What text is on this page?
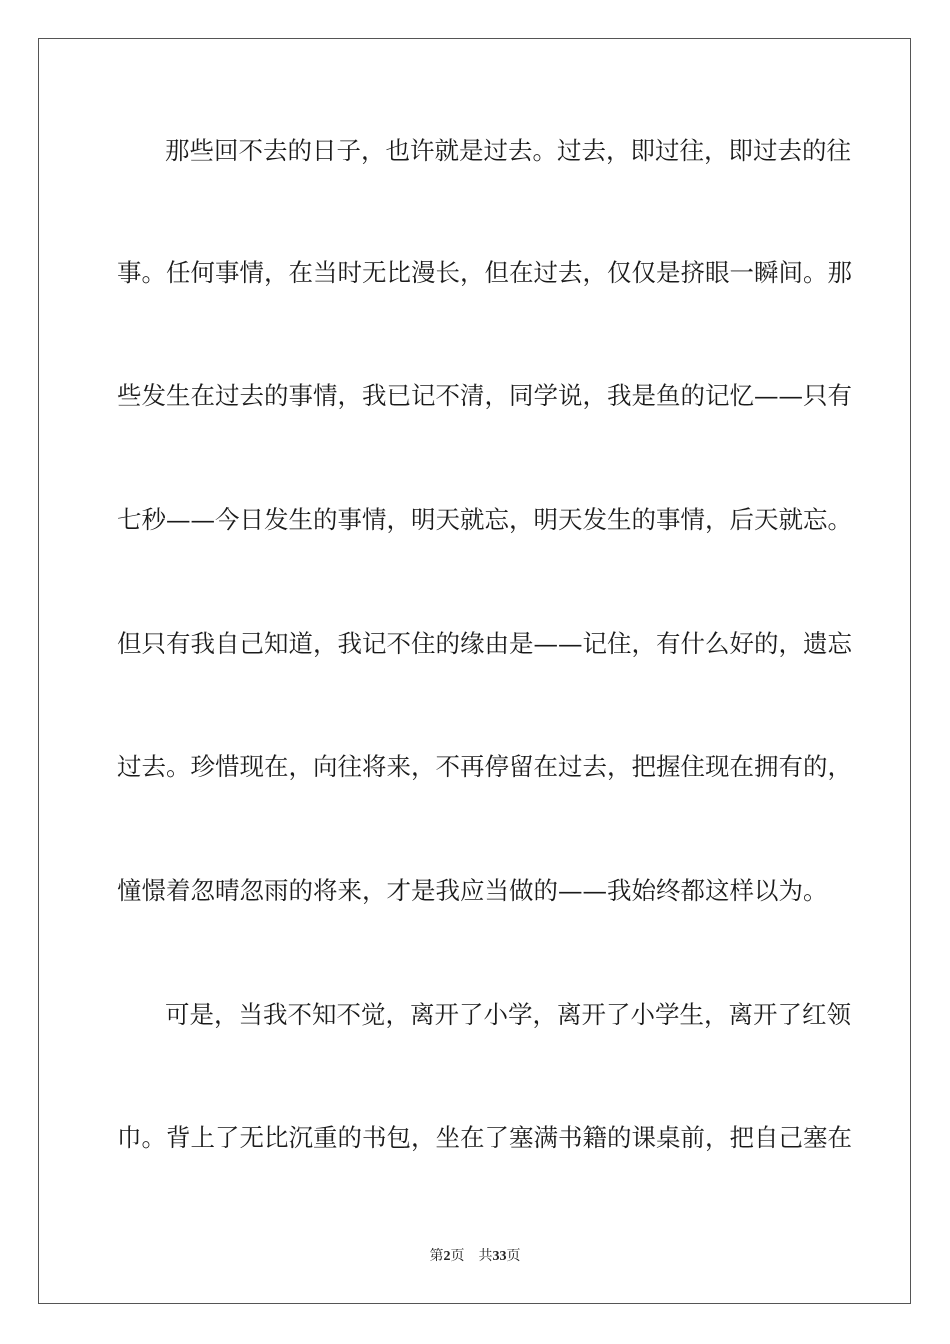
那些回不去的日子，也许就是过去。过去，即过往，即过去的往
事。任何事情，在当时无比漫长，但在过去，仅仅是挤眼一瞬间。那
些发生在过去的事情，我已记不清，同学说，我是鱼的记忆——只有
七秒——今日发生的事情，明天就忘，明天发生的事情，后天就忘。
但只有我自己知道，我记不住的缘由是——记住，有什么好的，遗忘
过去。珍惜现在，向往将来，不再停留在过去，把握住现在拥有的，
憧憬着忽晴忽雨的将来，才是我应当做的——我始终都这样以为。
可是，当我不知不觉，离开了小学，离开了小学生，离开了红领
巾。背上了无比沉重的书包，坐在了塞满书籍的课桌前，把自己塞在
第2页 共33页
